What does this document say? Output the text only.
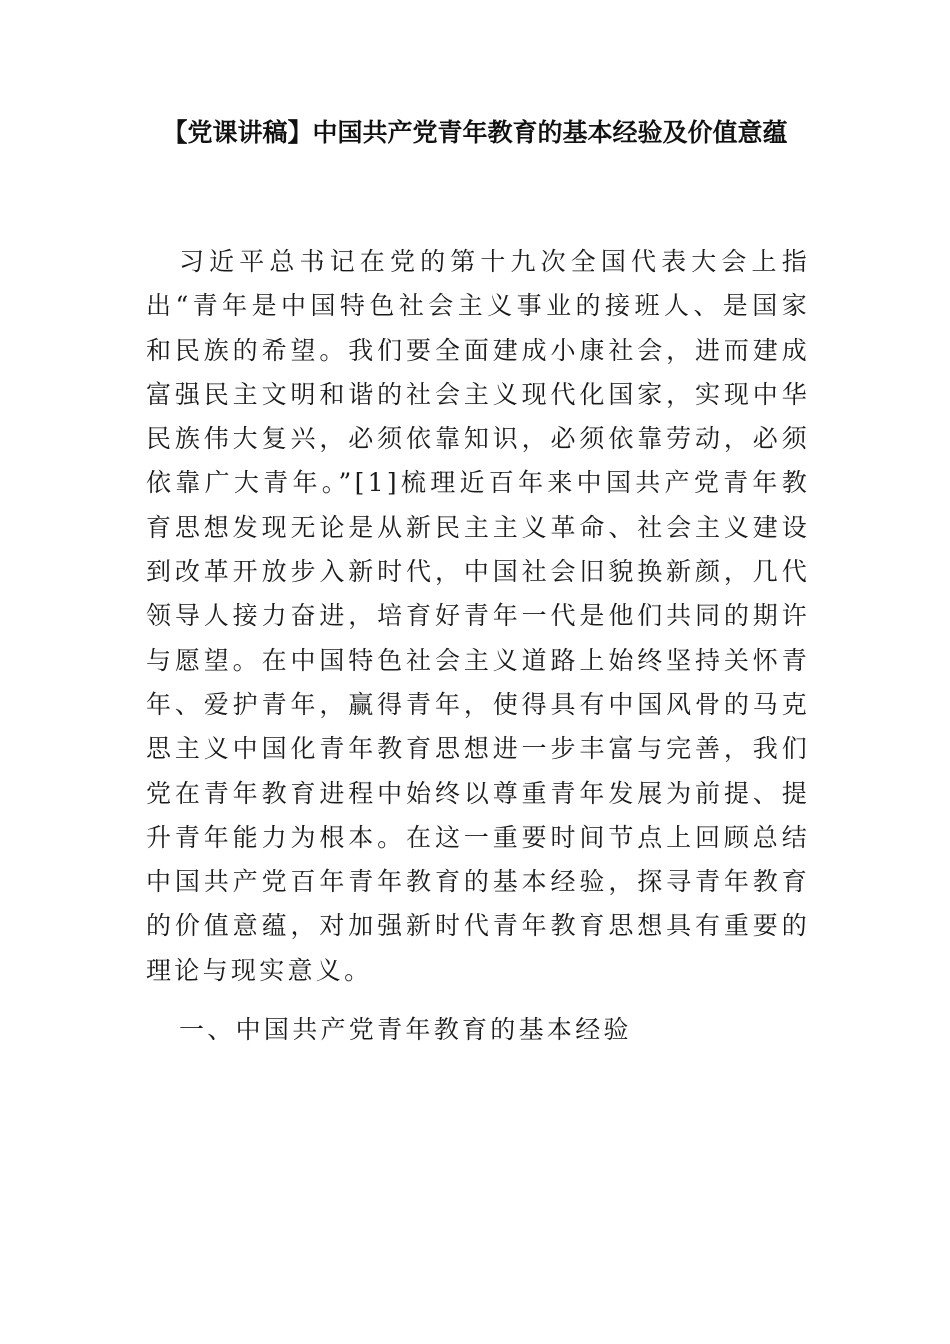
【党课讲稿】中国共产党青年教育的基本经验及价值意蕴

习近平总书记在党的第十九次全国代表大会上指出“青年是中国特色社会主义事业的接班人、是国家和民族的希望。我们要全面建成小康社会，进而建成富强民主文明和谐的社会主义现代化国家，实现中华民族伟大复兴，必须依靠知识，必须依靠劳动，必须依靠广大青年。”[1]梳理近百年来中国共产党青年教育思想发现无论是从新民主主义革命、社会主义建设到改革开放步入新时代，中国社会旧貌换新颜，几代领导人接力奋进，培育好青年一代是他们共同的期许与愿望。在中国特色社会主义道路上始终坚持关怀青年、爱护青年，赢得青年，使得具有中国风骨的马克思主义中国化青年教育思想进一步丰富与完善，我们党在青年教育进程中始终以尊重青年发展为前提、提升青年能力为根本。在这一重要时间节点上回顾总结中国共产党百年青年教育的基本经验，探寻青年教育的价值意蕴，对加强新时代青年教育思想具有重要的理论与现实意义。

一、中国共产党青年教育的基本经验
